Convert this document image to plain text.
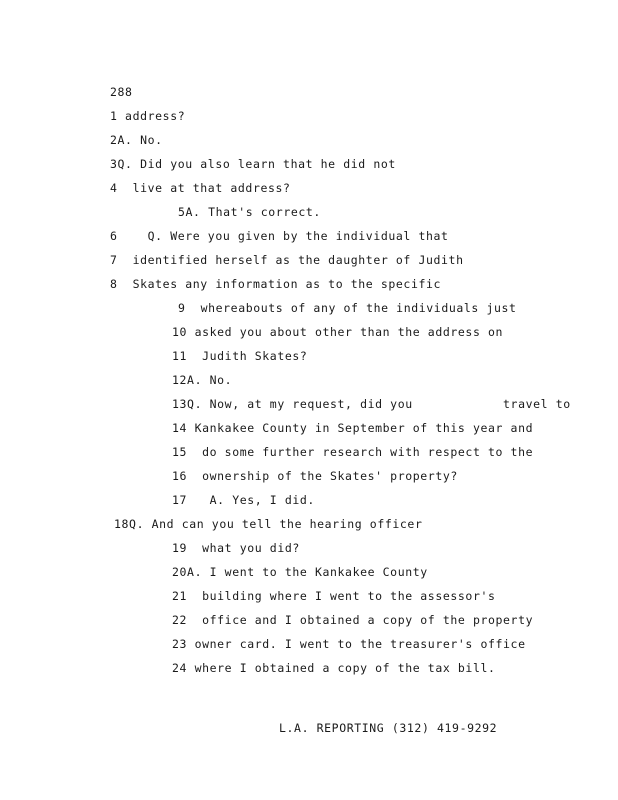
288
1 address?
2A. No.
3Q. Did you also learn that he did not
4  live at that address?
5A. That's correct.
6    Q. Were you given by the individual that
7  identified herself as the daughter of Judith
8  Skates any information as to the specific
9  whereabouts of any of the individuals just
10 asked you about other than the address on
11  Judith Skates?
12A. No.
13Q. Now, at my request, did you            travel to
14 Kankakee County in September of this year and
15  do some further research with respect to the
16  ownership of the Skates' property?
17   A. Yes, I did.
18Q. And can you tell the hearing officer
19  what you did?
20A. I went to the Kankakee County
21  building where I went to the assessor's
22  office and I obtained a copy of the property
23 owner card. I went to the treasurer's office
24 where I obtained a copy of the tax bill.
L.A. REPORTING (312) 419-9292
